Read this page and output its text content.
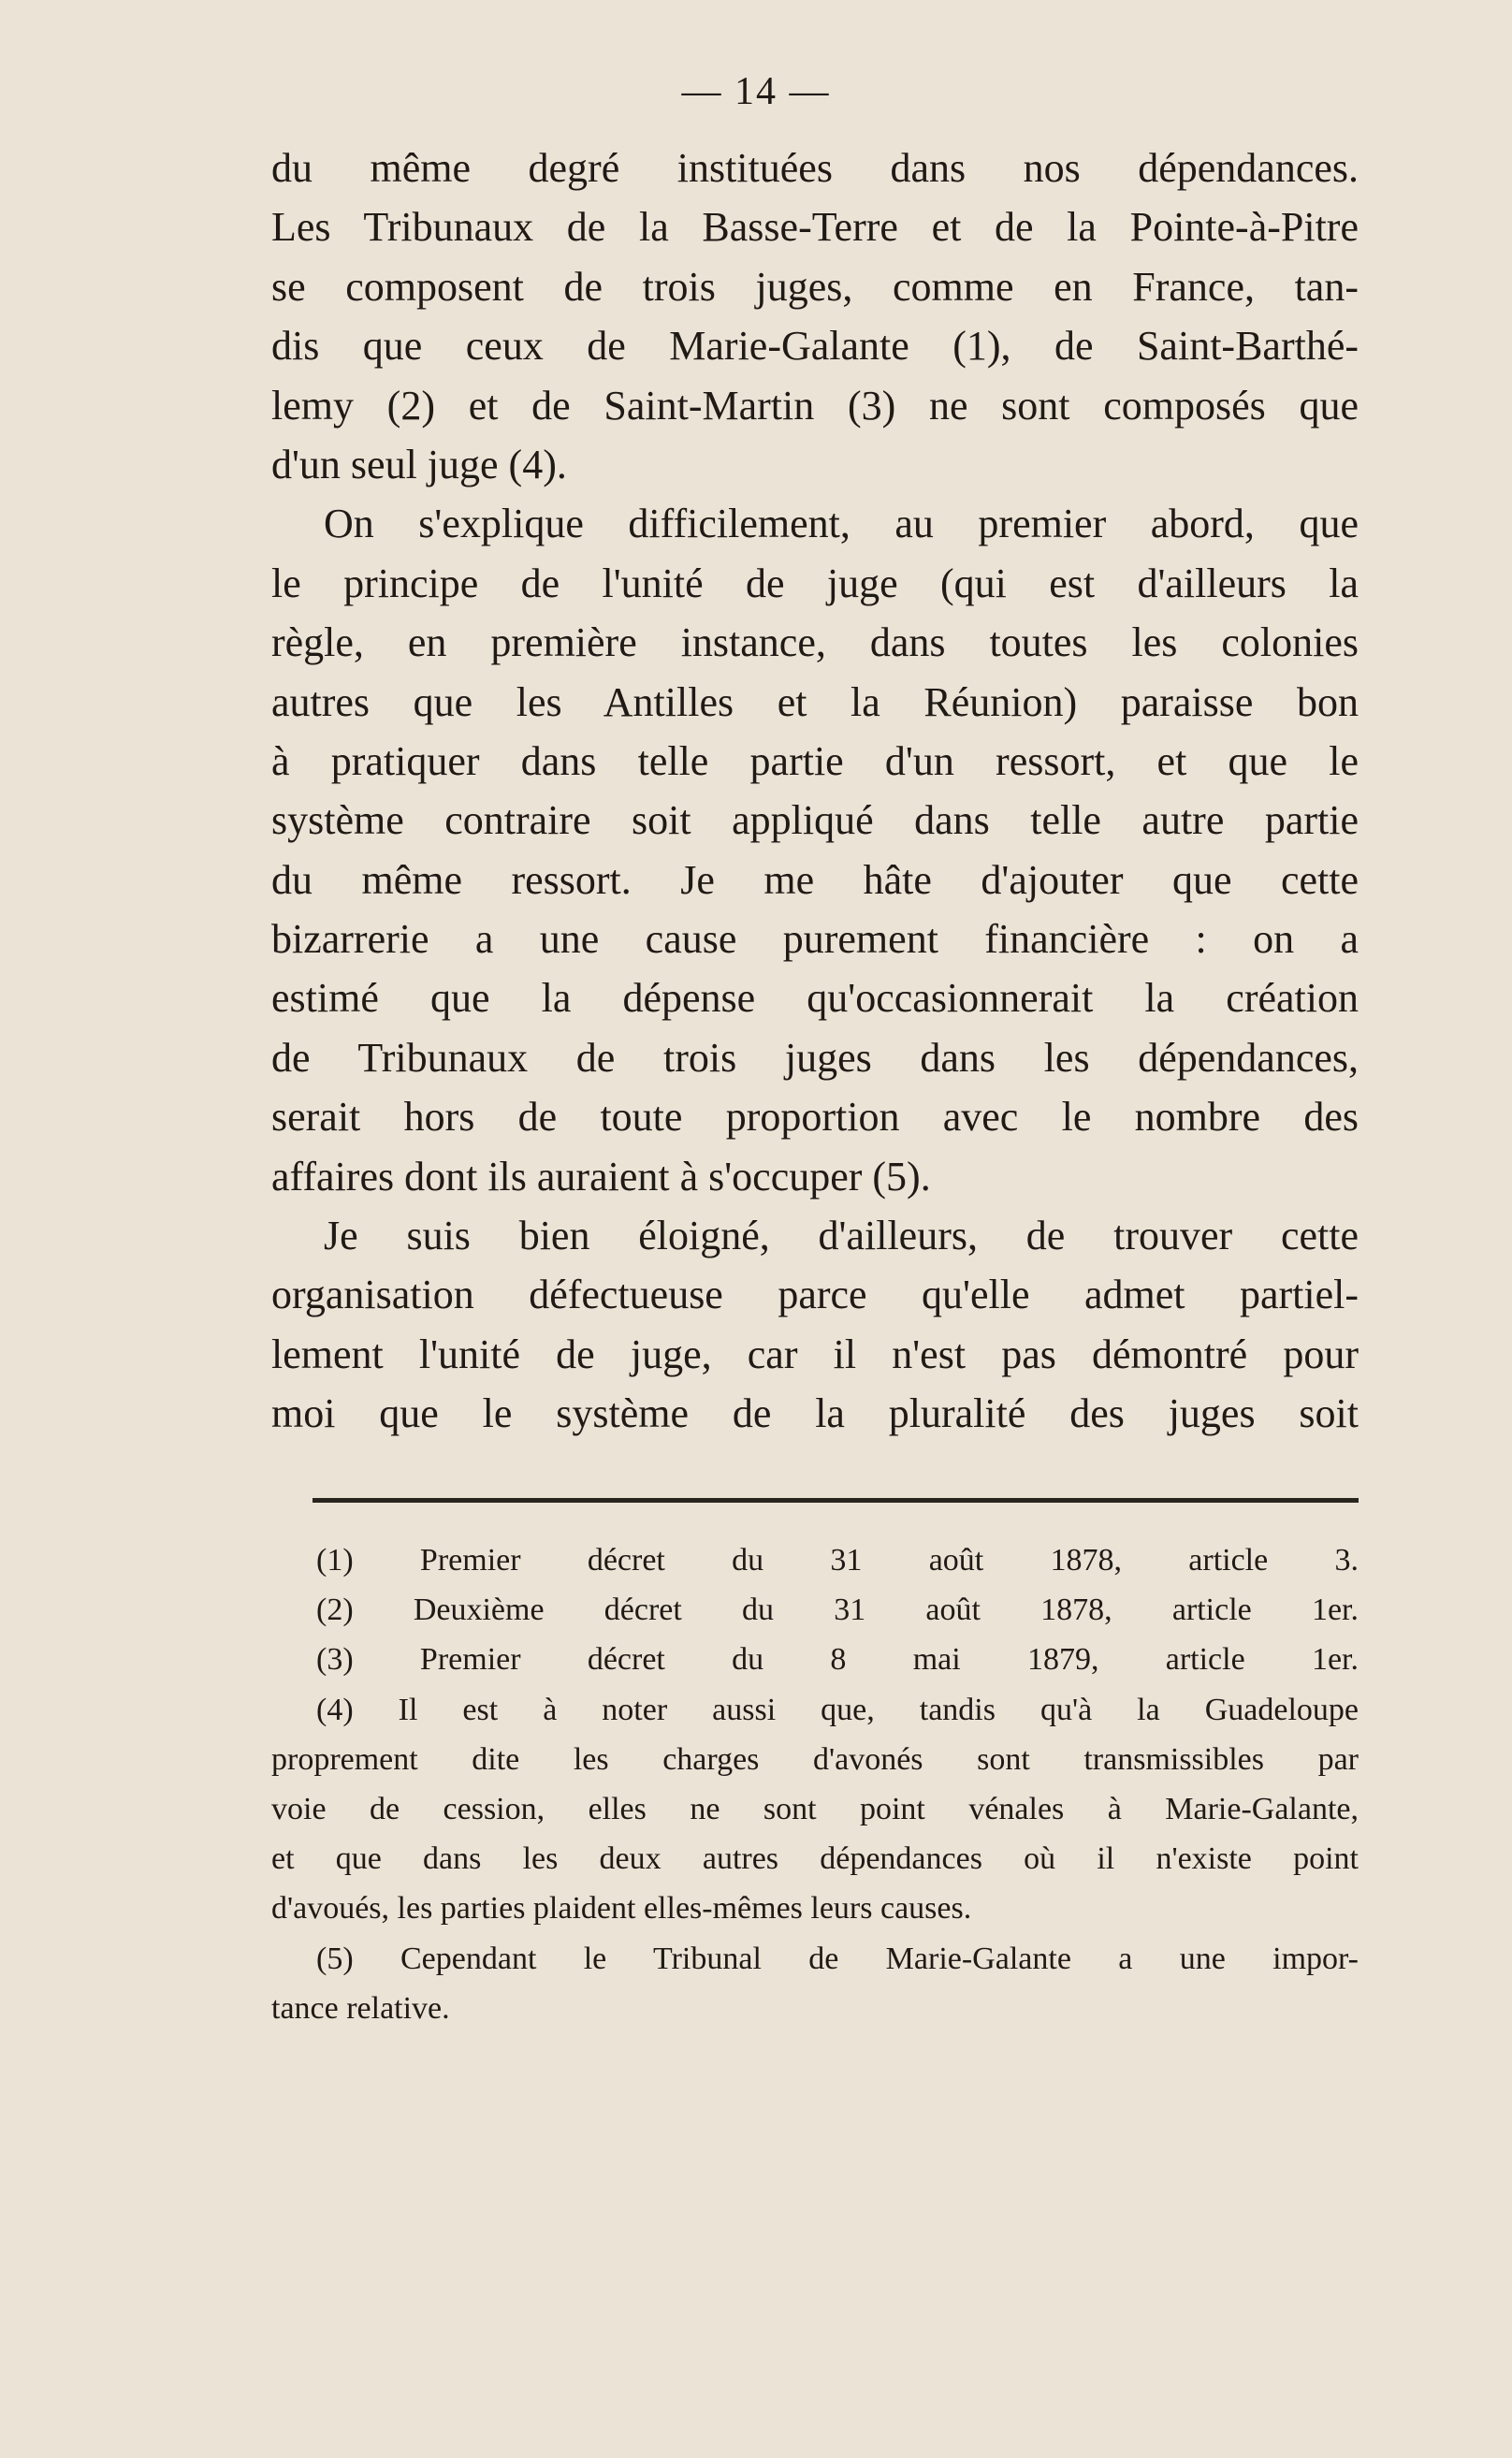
— 14 —
du même degré instituées dans nos dépendances.
Les Tribunaux de la Basse-Terre et de la Pointe-à-Pitre
se composent de trois juges, comme en France, tan-
dis que ceux de Marie-Galante (1), de Saint-Barthé-
lemy (2) et de Saint-Martin (3) ne sont composés que
d'un seul juge (4).
On s'explique difficilement, au premier abord, que
le principe de l'unité de juge (qui est d'ailleurs la
règle, en première instance, dans toutes les colonies
autres que les Antilles et la Réunion) paraisse bon
à pratiquer dans telle partie d'un ressort, et que le
système contraire soit appliqué dans telle autre partie
du même ressort. Je me hâte d'ajouter que cette
bizarrerie a une cause purement financière : on a
estimé que la dépense qu'occasionnerait la création
de Tribunaux de trois juges dans les dépendances,
serait hors de toute proportion avec le nombre des
affaires dont ils auraient à s'occuper (5).
Je suis bien éloigné, d'ailleurs, de trouver cette
organisation défectueuse parce qu'elle admet partiel-
lement l'unité de juge, car il n'est pas démontré pour
moi que le système de la pluralité des juges soit
(1) Premier décret du 31 août 1878, article 3.
(2) Deuxième décret du 31 août 1878, article 1er.
(3) Premier décret du 8 mai 1879, article 1er.
(4) Il est à noter aussi que, tandis qu'à la Guadeloupe
proprement dite les charges d'avonés sont transmissibles par
voie de cession, elles ne sont point vénales à Marie-Galante,
et que dans les deux autres dépendances où il n'existe point
d'avoués, les parties plaident elles-mêmes leurs causes.
(5) Cependant le Tribunal de Marie-Galante a une impor-
tance relative.
